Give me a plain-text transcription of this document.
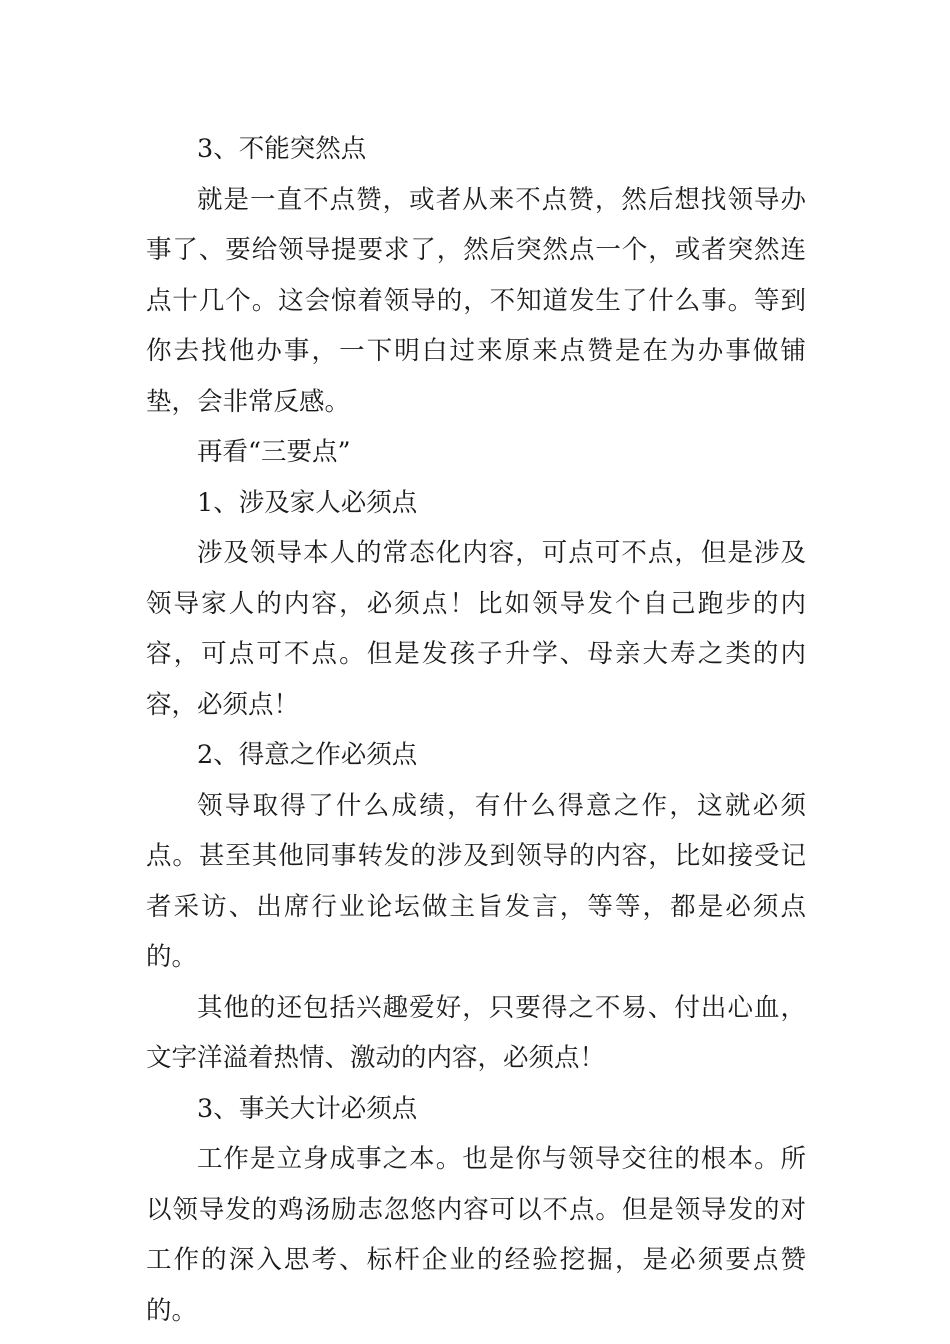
3、不能突然点

就是一直不点赞，或者从来不点赞，然后想找领导办事了、要给领导提要求了，然后突然点一个，或者突然连点十几个。这会惊着领导的，不知道发生了什么事。等到你去找他办事，一下明白过来原来点赞是在为办事做铺垫，会非常反感。

再看“三要点”

1、涉及家人必须点

涉及领导本人的常态化内容，可点可不点，但是涉及领导家人的内容，必须点！比如领导发个自己跑步的内容，可点可不点。但是发孩子升学、母亲大寿之类的内容，必须点！

2、得意之作必须点

领导取得了什么成绩，有什么得意之作，这就必须点。甚至其他同事转发的涉及到领导的内容，比如接受记者采访、出席行业论坛做主旨发言，等等，都是必须点的。

其他的还包括兴趣爱好，只要得之不易、付出心血，文字洋溢着热情、激动的内容，必须点！

3、事关大计必须点

工作是立身成事之本。也是你与领导交往的根本。所以领导发的鸡汤励志忽悠内容可以不点。但是领导发的对工作的深入思考、标杆企业的经验挖掘，是必须要点赞的。
